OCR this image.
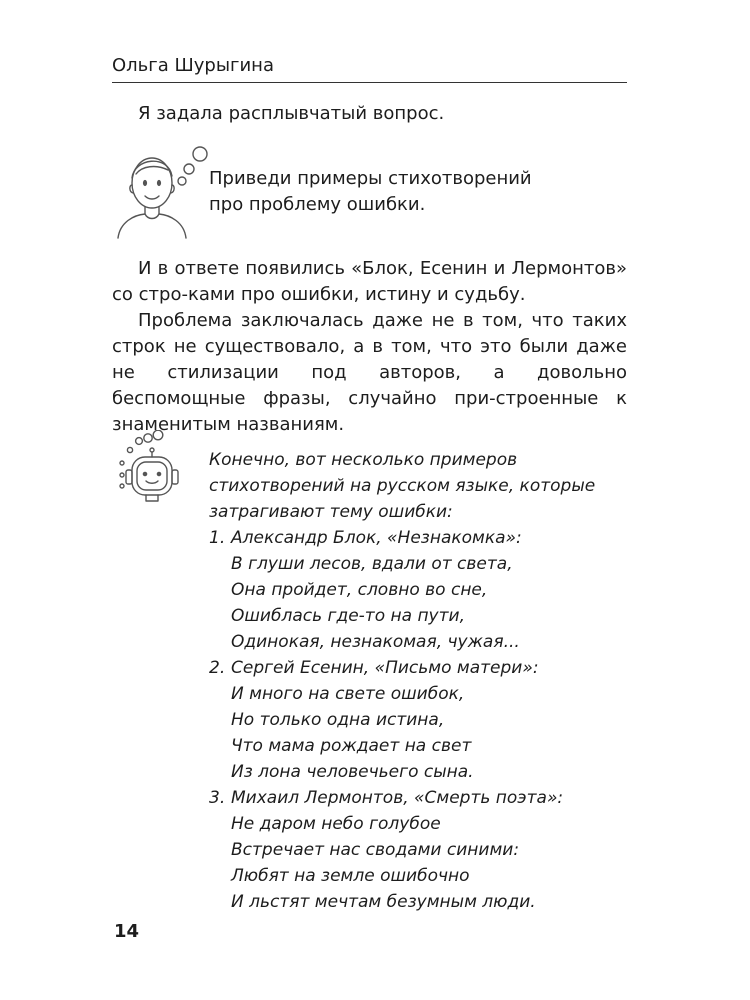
Ольга Шурыгина

Я задала расплывчатый вопрос.

Приведи примеры стихотворений
про проблему ошибки.

И в ответе появились «Блок, Есенин и Лермонтов» со стро-ками про ошибки, истину и судьбу.

Проблема заключалась даже не в том, что таких строк не существовало, а в том, что это были даже не стилизации под авторов, а довольно беспомощные фразы, случайно при-строенные к знаменитым названиям.

Конечно, вот несколько примеров
стихотворений на русском языке, которые
затрагивают тему ошибки:
1. Александр Блок, «Незнакомка»:
В глуши лесов, вдали от света,
Она пройдет, словно во сне,
Ошиблась где-то на пути,
Одинокая, незнакомая, чужая...
2. Сергей Есенин, «Письмо матери»:
И много на свете ошибок,
Но только одна истина,
Что мама рождает на свет
Из лона человечьего сына.
3. Михаил Лермонтов, «Смерть поэта»:
Не даром небо голубое
Встречает нас сводами синими:
Любят на земле ошибочно
И льстят мечтам безумным люди.
14
